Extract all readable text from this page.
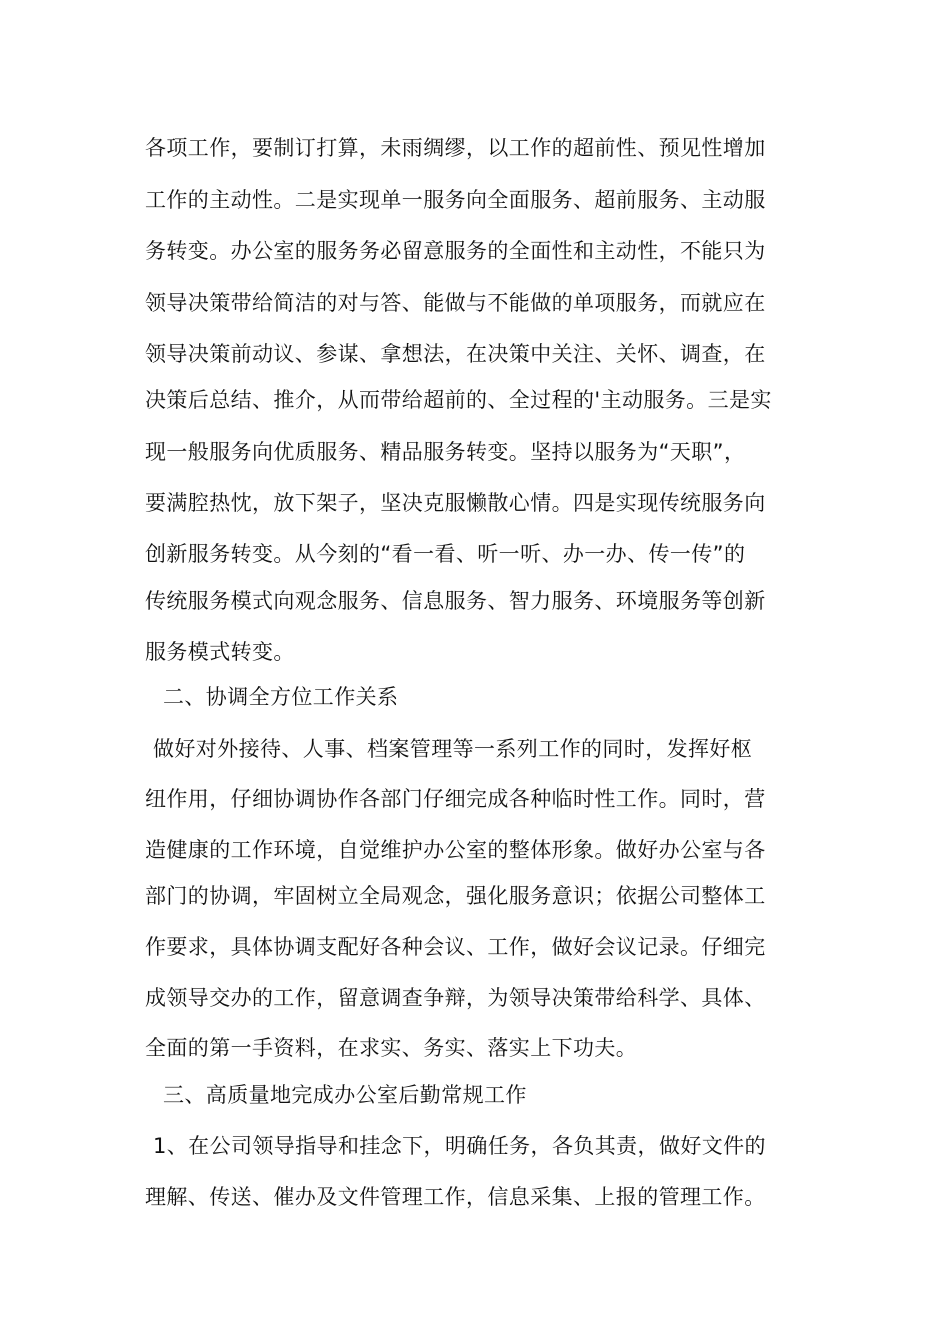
各项工作，要制订打算，未雨绸缪，以工作的超前性、预见性增加
工作的主动性。二是实现单一服务向全面服务、超前服务、主动服
务转变。办公室的服务务必留意服务的全面性和主动性，不能只为
领导决策带给简洁的对与答、能做与不能做的单项服务，而就应在
领导决策前动议、参谋、拿想法，在决策中关注、关怀、调查，在
决策后总结、推介，从而带给超前的、全过程的'主动服务。三是实
现一般服务向优质服务、精品服务转变。坚持以服务为“天职”，
要满腔热忱，放下架子，坚决克服懒散心情。四是实现传统服务向
创新服务转变。从今刻的“看一看、听一听、办一办、传一传”的
传统服务模式向观念服务、信息服务、智力服务、环境服务等创新
服务模式转变。
二、协调全方位工作关系
做好对外接待、人事、档案管理等一系列工作的同时，发挥好枢
纽作用，仔细协调协作各部门仔细完成各种临时性工作。同时，营
造健康的工作环境，自觉维护办公室的整体形象。做好办公室与各
部门的协调，牢固树立全局观念，强化服务意识；依据公司整体工
作要求，具体协调支配好各种会议、工作，做好会议记录。仔细完
成领导交办的工作，留意调查争辩，为领导决策带给科学、具体、
全面的第一手资料，在求实、务实、落实上下功夫。
三、高质量地完成办公室后勤常规工作
1、在公司领导指导和挂念下，明确任务，各负其责，做好文件的
理解、传送、催办及文件管理工作，信息采集、上报的管理工作。
